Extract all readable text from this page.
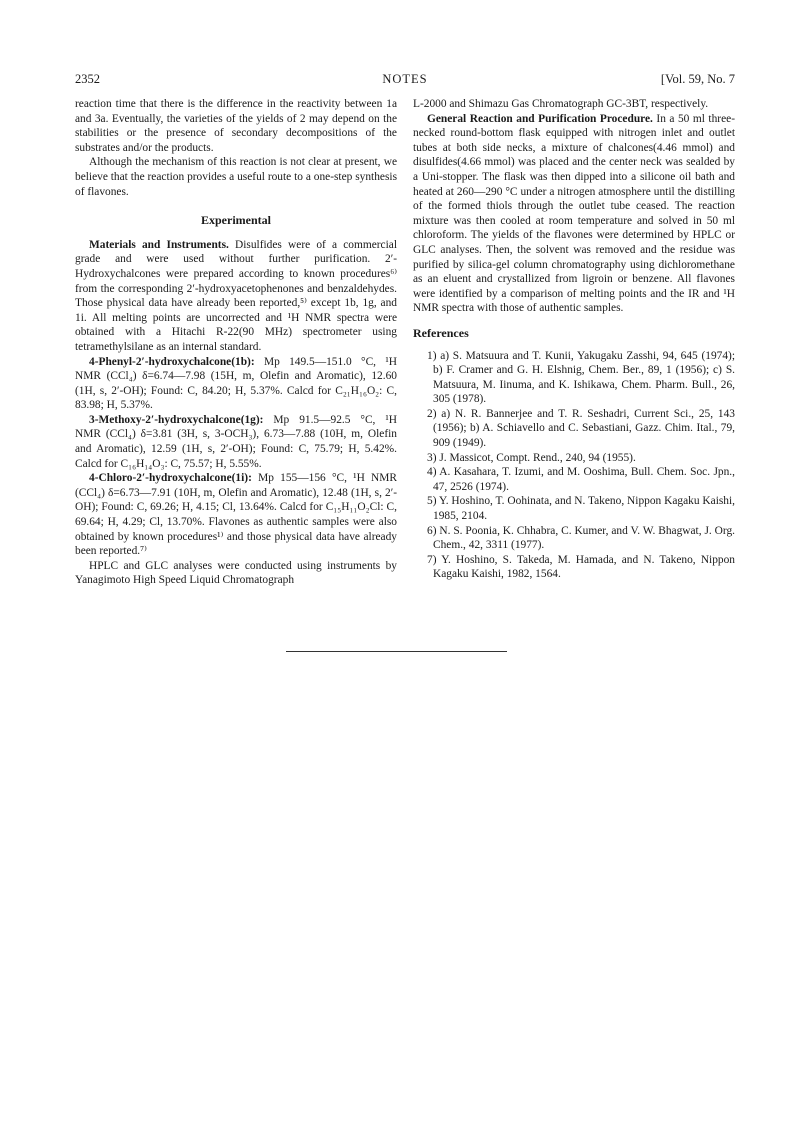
NOTES
2352	[Vol. 59, No. 7

reaction time that there is the difference in the reactivity between 1a and 3a. Eventually, the varieties of the yields of 2 may depend on the stabilities or the presence of secondary decompositions of the substrates and/or the products.

Although the mechanism of this reaction is not clear at present, we believe that the reaction provides a useful route to a one-step synthesis of flavones.

Experimental

Materials and Instruments. Disulfides were of a commercial grade and were used without further purification. 2′-Hydroxychalcones were prepared according to known procedures⁶⁾ from the corresponding 2′-hydroxyacetophenones and benzaldehydes. Those physical data have already been reported,⁵⁾ except 1b, 1g, and 1i. All melting points are uncorrected and ¹H NMR spectra were obtained with a Hitachi R-22(90 MHz) spectrometer using tetramethylsilane as an internal standard.

4-Phenyl-2′-hydroxychalcone(1b): Mp 149.5—151.0 °C, ¹H NMR (CCl₄) δ=6.74—7.98 (15H, m, Olefin and Aromatic), 12.60 (1H, s, 2′-OH); Found: C, 84.20; H, 5.37%. Calcd for C₂₁H₁₆O₂: C, 83.98; H, 5.37%.

3-Methoxy-2′-hydroxychalcone(1g): Mp 91.5—92.5 °C, ¹H NMR (CCl₄) δ=3.81 (3H, s, 3-OCH₃), 6.73—7.88 (10H, m, Olefin and Aromatic), 12.59 (1H, s, 2′-OH); Found: C, 75.79; H, 5.42%. Calcd for C₁₆H₁₄O₃: C, 75.57; H, 5.55%.

4-Chloro-2′-hydroxychalcone(1i): Mp 155—156 °C, ¹H NMR (CCl₄) δ=6.73—7.91 (10H, m, Olefin and Aromatic), 12.48 (1H, s, 2′-OH); Found: C, 69.26; H, 4.15; Cl, 13.64%. Calcd for C₁₅H₁₁O₂Cl: C, 69.64; H, 4.29; Cl, 13.70%. Flavones as authentic samples were also obtained by known procedures¹⁾ and those physical data have already been reported.⁷⁾

HPLC and GLC analyses were conducted using instruments by Yanagimoto High Speed Liquid Chromatograph

L-2000 and Shimazu Gas Chromatograph GC-3BT, respectively.

General Reaction and Purification Procedure. In a 50 ml three-necked round-bottom flask equipped with nitrogen inlet and outlet tubes at both side necks, a mixture of chalcones(4.46 mmol) and disulfides(4.66 mmol) was placed and the center neck was sealded by a Uni-stopper. The flask was then dipped into a silicone oil bath and heated at 260—290 °C under a nitrogen atmosphere until the distilling of the formed thiols through the outlet tube ceased. The reaction mixture was then cooled at room temperature and solved in 50 ml chloroform. The yields of the flavones were determined by HPLC or GLC analyses. Then, the solvent was removed and the residue was purified by silica-gel column chromatography using dichloromethane as an eluent and crystallized from ligroin or benzene. All flavones were identified by a comparison of melting points and the IR and ¹H NMR spectra with those of authentic samples.

References
1) a) S. Matsuura and T. Kunii, Yakugaku Zasshi, 94, 645 (1974); b) F. Cramer and G. H. Elshnig, Chem. Ber., 89, 1 (1956); c) S. Matsuura, M. Iinuma, and K. Ishikawa, Chem. Pharm. Bull., 26, 305 (1978).
2) a) N. R. Bannerjee and T. R. Seshadri, Current Sci., 25, 143 (1956); b) A. Schiavello and C. Sebastiani, Gazz. Chim. Ital., 79, 909 (1949).
3) J. Massicot, Compt. Rend., 240, 94 (1955).
4) A. Kasahara, T. Izumi, and M. Ooshima, Bull. Chem. Soc. Jpn., 47, 2526 (1974).
5) Y. Hoshino, T. Oohinata, and N. Takeno, Nippon Kagaku Kaishi, 1985, 2104.
6) N. S. Poonia, K. Chhabra, C. Kumer, and V. W. Bhagwat, J. Org. Chem., 42, 3311 (1977).
7) Y. Hoshino, S. Takeda, M. Hamada, and N. Takeno, Nippon Kagaku Kaishi, 1982, 1564.
